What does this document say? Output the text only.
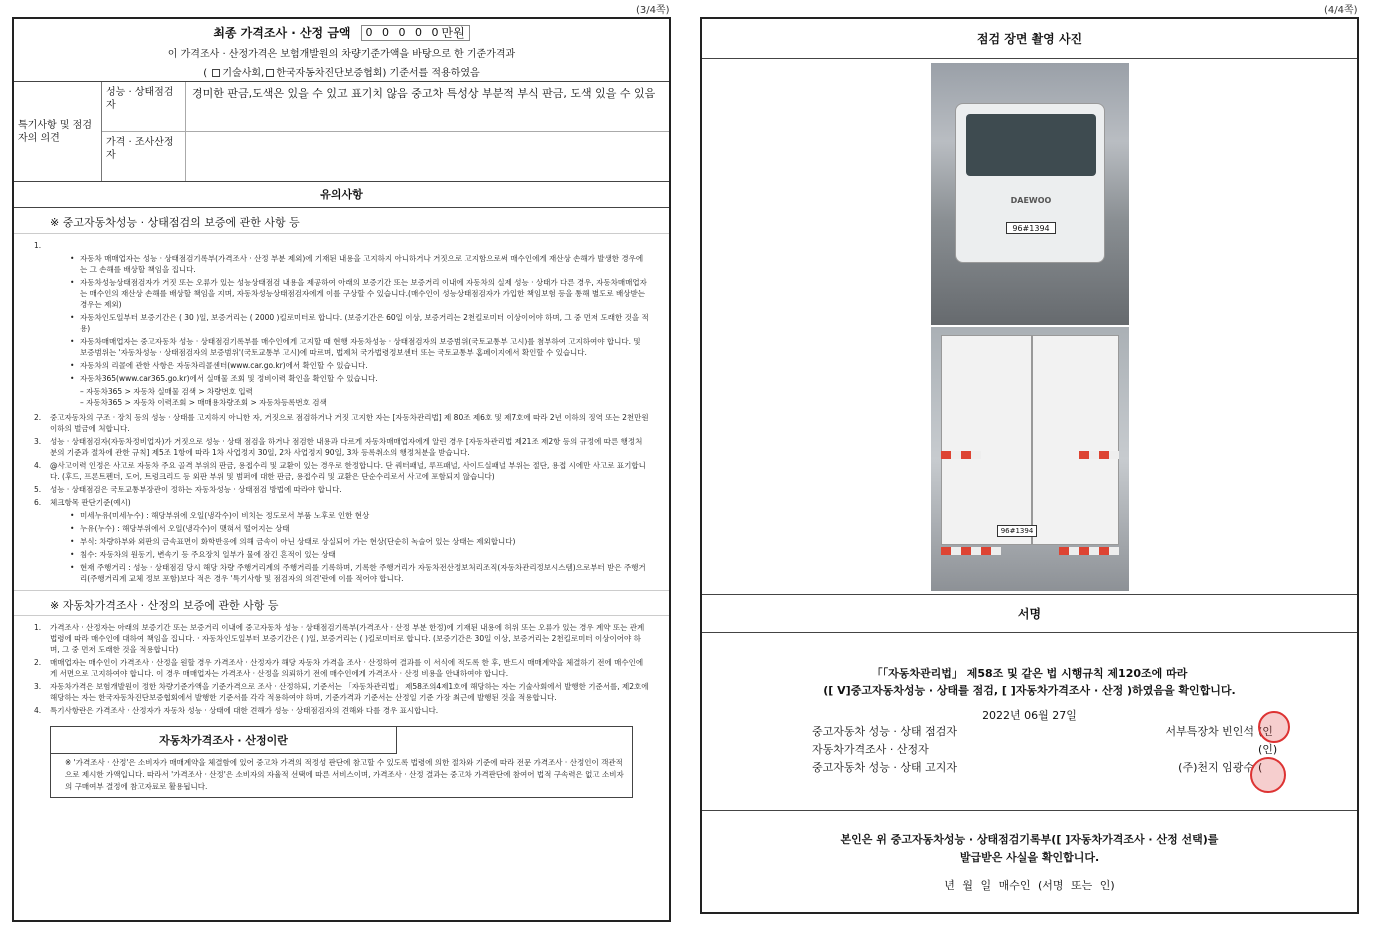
(3/4쪽)	(4/4쪽)
최종 가격조사 · 산정 금액 0 0 0 0 0 만원
이 가격조사 · 산정가격은 보험개발원의 차량기준가액을 바탕으로 한 기준가격과
( 기술사회, 한국자동차진단보증협회) 기준서를 적용하였음
특기사항 및 점검자의 의견
성능 · 상태점검자
경미한 판금,도색은 있을 수 있고 표기치 않음 중고차 특성상 부분적 부식 판금, 도색 있을 수 있음
가격 · 조사산정자
유의사항
※ 중고자동차성능 · 상태점검의 보증에 관한 사항 등
1.
• 자동차 매매업자는 성능 · 상태점검기록부(가격조사 · 산정 부분 제외)에 기재된 내용을 고지하지 아니하거나 거짓으로 고지함으로써 매수인에게 재산상 손해가 발생한 경우에는 그 손해를 배상할 책임을 집니다.
• 자동차성능상태점검자가 거짓 또는 오류가 있는 성능상태점검 내용을 제공하여 아래의 보증기간 또는 보증거리 이내에 자동차의 실제 성능 · 상태가 다른 경우, 자동차매매업자는 매수인의 재산상 손해를 배상할 책임을 지며, 자동차성능상태점검자에게 이를 구상할 수 있습니다.(매수인이 성능상태점검자가 가입한 책임보험 등을 통해 별도로 배상받는 경우는 제외)
• 자동차인도일부터 보증기간은 ( 30 )일, 보증거리는 ( 2000 )킬로미터로 합니다. (보증기간은 60일 이상, 보증거리는 2천킬로미터 이상이어야 하며, 그 중 먼저 도래한 것을 적용)
• 자동차매매업자는 중고자동차 성능 · 상태점검기록부를 매수인에게 고지할 때 현행 자동차성능 · 상태점검자의 보증범위(국토교통부 고시)를 첨부하여 고지하여야 합니다. 및 보증범위는 '자동차성능 · 상태점검자의 보증범위'(국토교통부 고시)에 따르며, 법제처 국가법령정보센터 또는 국토교통부 홈페이지에서 확인할 수 있습니다.
• 자동차의 리콜에 관한 사항은 자동차리콜센터(www.car.go.kr)에서 확인할 수 있습니다.
• 자동차365(www.car365.go.kr)에서 실매물 조회 및 정비이력 확인을 확인할 수 있습니다.
– 자동차365 > 자동차 실매물 검색 > 차량번호 입력
– 자동차365 > 자동차 이력조회 > 매매용차량조회 > 자동차등록번호 검색
2.	중고자동차의 구조 · 장치 등의 성능 · 상태를 고지하지 아니한 자, 거짓으로 점검하거나 거짓 고지한 자는 [자동차관리법] 제 80조 제6호 및 제7호에 따라 2년 이하의 징역 또는 2천만원 이하의 벌금에 처합니다.
3.	성능 · 상태점검자(자동차정비업자)가 거짓으로 성능 · 상태 점검을 하거나 점검한 내용과 다르게 자동차매매업자에게 알린 경우 [자동차관리법 제21조 제2항 등의 규정에 따른 행정처분의 기준과 절차에 관한 규칙] 제5조 1항에 따라 1차 사업정지 30일, 2차 사업정지 90일, 3차 등록취소의 행정처분을 받습니다.
4.	@사고이력 인정은 사고로 자동차 주요 골격 부위의 판금, 용접수리 및 교환이 있는 경우로 한정합니다. 단 쿼터패널, 루프패널, 사이드실패널 부위는 절단, 용접 시에만 사고로 표기합니다. (후드, 프론트펜더, 도어, 트렁크리드 등 외판 부위 및 범퍼에 대한 판금, 용접수리 및 교환은 단순수리로서 사고에 포함되지 않습니다)
5.	성능 · 상태점검은 국토교통부장관이 정하는 자동차성능 · 상태점검 방법에 따라야 합니다.
6.	체크항목 판단기준(예시)
• 미세누유(미세누수) : 해당부위에 오일(냉각수)이 비치는 정도로서 부품 노후로 인한 현상
• 누유(누수) : 해당부위에서 오일(냉각수)이 맺혀서 떨어지는 상태
• 부식: 차량하부와 외판의 금속표면이 화학반응에 의해 금속이 아닌 상태로 상실되어 가는 현상(단순히 녹슬어 있는 상태는 제외합니다)
• 침수: 자동차의 원동기, 변속기 등 주요장치 일부가 물에 잠긴 흔적이 있는 상태
• 현재 주행거리 : 성능 · 상태점검 당시 해당 차량 주행거리계의 주행거리를 기록하며, 기록한 주행거리가 자동차전산정보처리조직(자동차관리정보시스템)으로부터 받은 주행거리(주행거리계 교체 정보 포함)보다 적은 경우 '특기사항 및 점검자의 의견'란에 이를 적어야 합니다.
※ 자동차가격조사 · 산정의 보증에 관한 사항 등
1.	가격조사 · 산정자는 아래의 보증기간 또는 보증거리 이내에 중고자동차 성능 · 상태점검기록부(가격조사 · 산정 부분 한정)에 기재된 내용에 허위 또는 오류가 있는 경우 계약 또는 관계법령에 따라 매수인에 대하여 책임을 집니다. · 자동차인도일부터 보증기간은 ( )일, 보증거리는 ( )킬로미터로 합니다. (보증기간은 30일 이상, 보증거리는 2천킬로미터 이상이어야 하며, 그 중 먼저 도래한 것을 적용합니다)
2.	매매업자는 매수인이 가격조사 · 산정을 원할 경우 가격조사 · 산정자가 해당 자동차 가격을 조사 · 산정하여 결과를 이 서식에 적도록 한 후, 반드시 매매계약을 체결하기 전에 매수인에게 서면으로 고지하여야 합니다. 이 경우 매매업자는 가격조사 · 산정을 의뢰하기 전에 매수인에게 가격조사 · 산정 비용을 안내하여야 합니다.
3.	자동차가격은 보험개발원이 정한 차량기준가액을 기준가격으로 조사 · 산정하되, 기준서는 「자동차관리법」 제58조의4제1호에 해당하는 자는 기술사회에서 발행한 기준서를, 제2호에 해당하는 자는 한국자동차진단보증협회에서 발행한 기준서를 각각 적용하여야 하며, 기준가격과 기준서는 산정일 기준 가장 최근에 발행된 것을 적용합니다.
4.	특기사항란은 가격조사 · 산정자가 자동차 성능 · 상태에 대한 견해가 성능 · 상태점검자의 견해와 다를 경우 표시합니다.
자동차가격조사 · 산정이란
※ '가격조사 · 산정'은 소비자가 매매계약을 체결함에 있어 중고차 가격의 적정성 판단에 참고할 수 있도록 법령에 의한 절차와 기준에 따라 전문 가격조사 · 산정인이 객관적으로 제시한 가액입니다. 따라서 '가격조사 · 산정'은 소비자의 자율적 선택에 따른 서비스이며, 가격조사 · 산정 결과는 중고차 가격판단에 참여어 법적 구속력은 없고 소비자의 구매여부 결정에 참고자료로 활용됩니다.
점검 장면 촬영 사진
DAEWOO
96#1394
96#1394
서명
「「자동차관리법」 제58조 및 같은 법 시행규칙 제120조에 따라
([ V]중고자동차성능 · 상태를 점검, [ ]자동차가격조사 · 산정 )하였음을 확인합니다.
2022년 06월 27일
중고자동차 성능 · 상태 점검자	서부특장차 빈인석 (인
자동차가격조사 · 산정자	(인)
중고자동차 성능 · 상태 고지자	(주)천지 임광수 (
본인은 위 중고자동차성능 · 상태점검기록부([ ]자동차가격조사 · 산정 선택)를
발급받은 사실을 확인합니다.
년 월 일 매수인 (서명 또는 인)
